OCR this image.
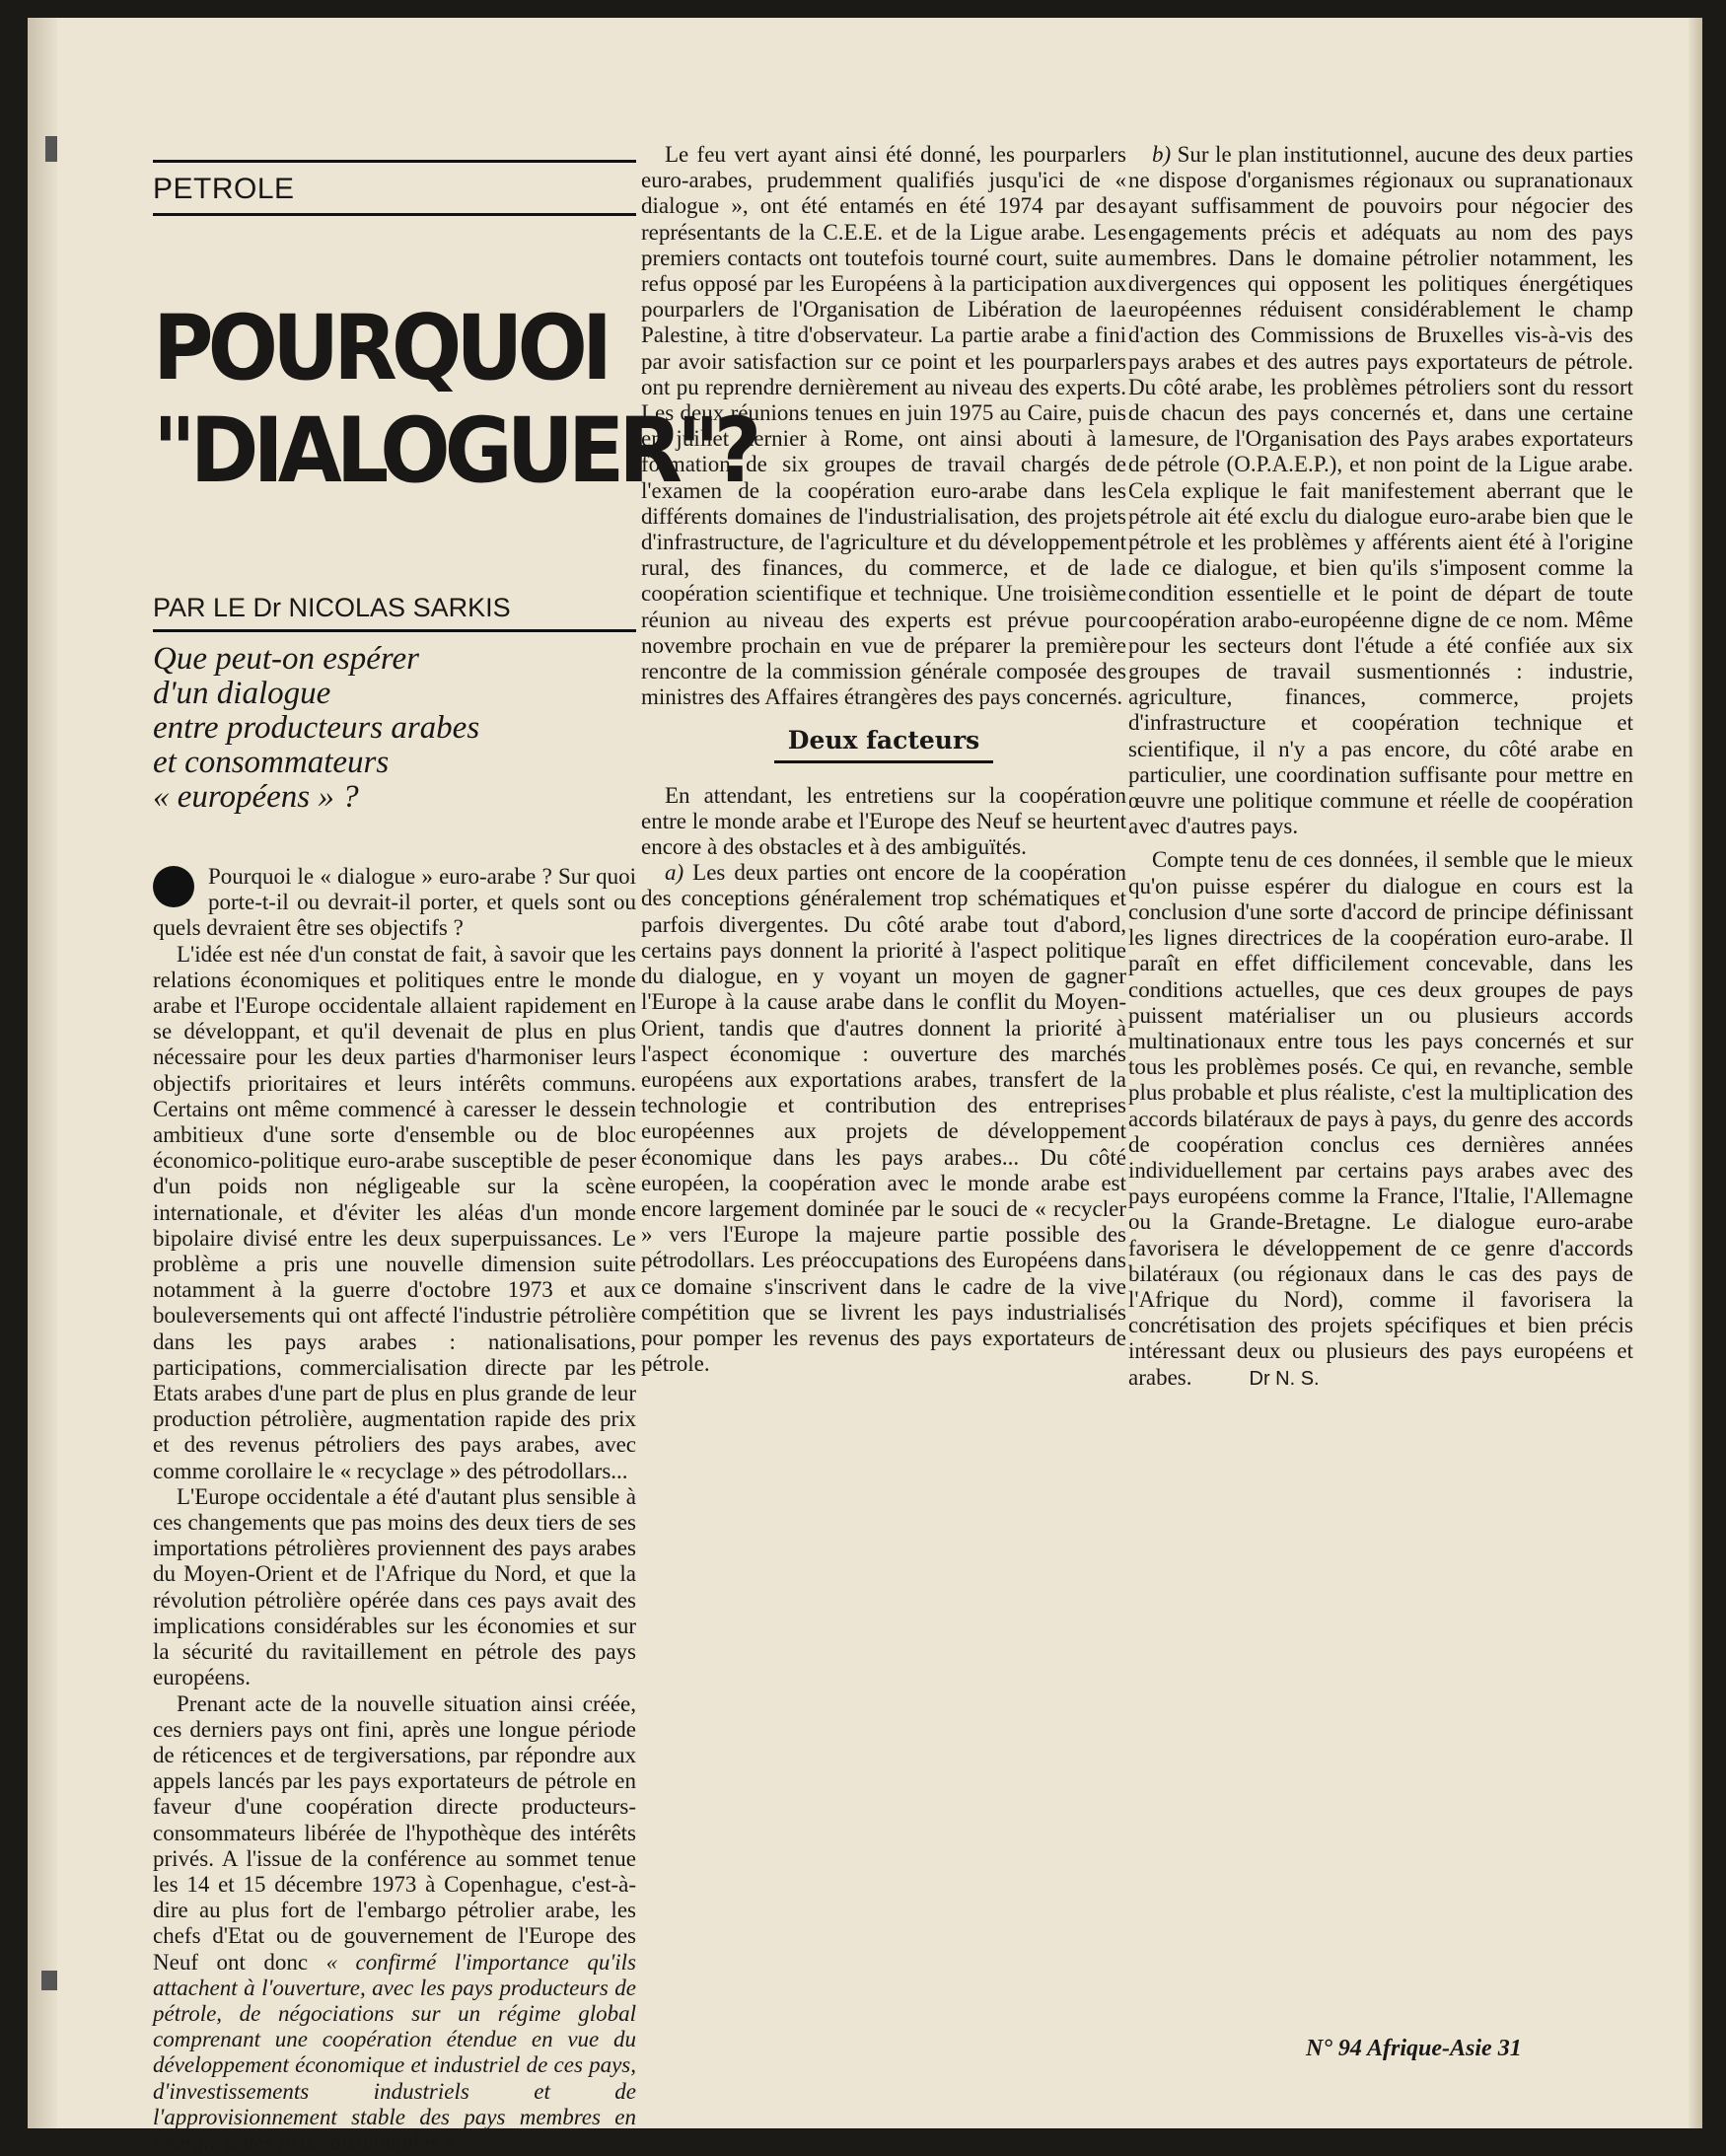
PETROLE
POURQUOI
"DIALOGUER"?
PAR LE Dr NICOLAS SARKIS
Que peut-on espérer
d'un dialogue
entre producteurs arabes
et consommateurs
« européens » ?

Pourquoi le « dialogue » euro-arabe ? Sur quoi porte-t-il ou devrait-il porter, et quels sont ou quels devraient être ses objectifs ?

L'idée est née d'un constat de fait, à savoir que les relations économiques et politiques entre le monde arabe et l'Europe occidentale allaient rapidement en se développant, et qu'il devenait de plus en plus nécessaire pour les deux parties d'harmoniser leurs objectifs prioritaires et leurs intérêts communs. Certains ont même commencé à caresser le dessein ambitieux d'une sorte d'ensemble ou de bloc économico-politique euro-arabe susceptible de peser d'un poids non négligeable sur la scène internationale, et d'éviter les aléas d'un monde bipolaire divisé entre les deux superpuissances. Le problème a pris une nouvelle dimension suite notamment à la guerre d'octobre 1973 et aux bouleversements qui ont affecté l'industrie pétrolière dans les pays arabes : nationalisations, participations, commercialisation directe par les Etats arabes d'une part de plus en plus grande de leur production pétrolière, augmentation rapide des prix et des revenus pétroliers des pays arabes, avec comme corollaire le « recyclage » des pétrodollars...

L'Europe occidentale a été d'autant plus sensible à ces changements que pas moins des deux tiers de ses importations pétrolières proviennent des pays arabes du Moyen-Orient et de l'Afrique du Nord, et que la révolution pétrolière opérée dans ces pays avait des implications considérables sur les économies et sur la sécurité du ravitaillement en pétrole des pays européens.

Prenant acte de la nouvelle situation ainsi créée, ces derniers pays ont fini, après une longue période de réticences et de tergiversations, par répondre aux appels lancés par les pays exportateurs de pétrole en faveur d'une coopération directe producteurs-consommateurs libérée de l'hypothèque des intérêts privés. A l'issue de la conférence au sommet tenue les 14 et 15 décembre 1973 à Copenhague, c'est-à-dire au plus fort de l'embargo pétrolier arabe, les chefs d'Etat ou de gouvernement de l'Europe des Neuf ont donc « confirmé l'importance qu'ils attachent à l'ouverture, avec les pays producteurs de pétrole, de négociations sur un régime global comprenant une coopération étendue en vue du développement économique et industriel de ces pays, d'investissements industriels et de l'approvisionnement stable des pays membres en énergie à des prix raisonnables ».

Le feu vert ayant ainsi été donné, les pourparlers euro-arabes, prudemment qualifiés jusqu'ici de « dialogue », ont été entamés en été 1974 par des représentants de la C.E.E. et de la Ligue arabe. Les premiers contacts ont toutefois tourné court, suite au refus opposé par les Européens à la participation aux pourparlers de l'Organisation de Libération de la Palestine, à titre d'observateur. La partie arabe a fini par avoir satisfaction sur ce point et les pourparlers ont pu reprendre dernièrement au niveau des experts. Les deux réunions tenues en juin 1975 au Caire, puis en juillet dernier à Rome, ont ainsi abouti à la formation de six groupes de travail chargés de l'examen de la coopération euro-arabe dans les différents domaines de l'industrialisation, des projets d'infrastructure, de l'agriculture et du développement rural, des finances, du commerce, et de la coopération scientifique et technique. Une troisième réunion au niveau des experts est prévue pour novembre prochain en vue de préparer la première rencontre de la commission générale composée des ministres des Affaires étrangères des pays concernés.

Deux facteurs

En attendant, les entretiens sur la coopération entre le monde arabe et l'Europe des Neuf se heurtent encore à des obstacles et à des ambiguïtés.

a) Les deux parties ont encore de la coopération des conceptions généralement trop schématiques et parfois divergentes. Du côté arabe tout d'abord, certains pays donnent la priorité à l'aspect politique du dialogue, en y voyant un moyen de gagner l'Europe à la cause arabe dans le conflit du Moyen-Orient, tandis que d'autres donnent la priorité à l'aspect économique : ouverture des marchés européens aux exportations arabes, transfert de la technologie et contribution des entreprises européennes aux projets de développement économique dans les pays arabes... Du côté européen, la coopération avec le monde arabe est encore largement dominée par le souci de « recycler » vers l'Europe la majeure partie possible des pétrodollars. Les préoccupations des Européens dans ce domaine s'inscrivent dans le cadre de la vive compétition que se livrent les pays industrialisés pour pomper les revenus des pays exportateurs de pétrole.

b) Sur le plan institutionnel, aucune des deux parties ne dispose d'organismes régionaux ou supranationaux ayant suffisamment de pouvoirs pour négocier des engagements précis et adéquats au nom des pays membres. Dans le domaine pétrolier notamment, les divergences qui opposent les politiques énergétiques européennes réduisent considérablement le champ d'action des Commissions de Bruxelles vis-à-vis des pays arabes et des autres pays exportateurs de pétrole. Du côté arabe, les problèmes pétroliers sont du ressort de chacun des pays concernés et, dans une certaine mesure, de l'Organisation des Pays arabes exportateurs de pétrole (O.P.A.E.P.), et non point de la Ligue arabe. Cela explique le fait manifestement aberrant que le pétrole ait été exclu du dialogue euro-arabe bien que le pétrole et les problèmes y afférents aient été à l'origine de ce dialogue, et bien qu'ils s'imposent comme la condition essentielle et le point de départ de toute coopération arabo-européenne digne de ce nom. Même pour les secteurs dont l'étude a été confiée aux six groupes de travail susmentionnés : industrie, agriculture, finances, commerce, projets d'infrastructure et coopération technique et scientifique, il n'y a pas encore, du côté arabe en particulier, une coordination suffisante pour mettre en œuvre une politique commune et réelle de coopération avec d'autres pays.

Compte tenu de ces données, il semble que le mieux qu'on puisse espérer du dialogue en cours est la conclusion d'une sorte d'accord de principe définissant les lignes directrices de la coopération euro-arabe. Il paraît en effet difficilement concevable, dans les conditions actuelles, que ces deux groupes de pays puissent matérialiser un ou plusieurs accords multinationaux entre tous les pays concernés et sur tous les problèmes posés. Ce qui, en revanche, semble plus probable et plus réaliste, c'est la multiplication des accords bilatéraux de pays à pays, du genre des accords de coopération conclus ces dernières années individuellement par certains pays arabes avec des pays européens comme la France, l'Italie, l'Allemagne ou la Grande-Bretagne. Le dialogue euro-arabe favorisera le développement de ce genre d'accords bilatéraux (ou régionaux dans le cas des pays de l'Afrique du Nord), comme il favorisera la concrétisation des projets spécifiques et bien précis intéressant deux ou plusieurs des pays européens et arabes.	Dr N. S.

N° 94 Afrique-Asie 31
